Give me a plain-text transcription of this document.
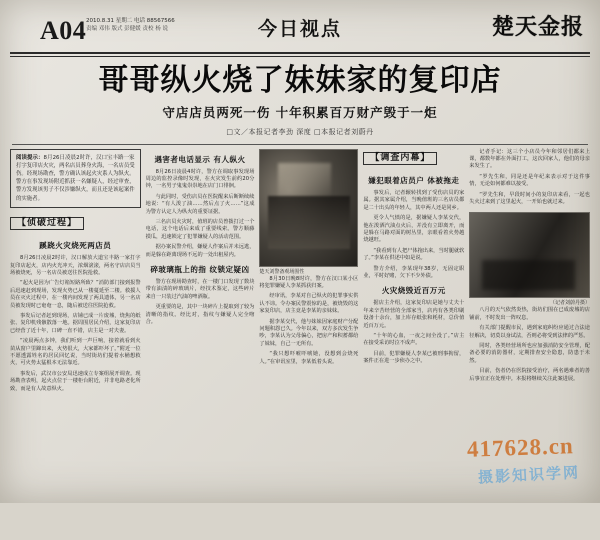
A04 2010.8.31 星期二 电话 88567566
责编 邓伟 版式 彭健媛 责校 杨 说	今日视点	楚天金报
哥哥纵火烧了妹妹家的复印店
守店店员两死一伤 十年积累百万财产毁于一炬
□文／本报记者李劲 深度 □本报记者刘蔚丹
阅读提示：8月26日凌晨2时许，汉口宝丰路一家打字复印店火灾，两名店员葬身火海，一名店员受伤。经现场勘查，警方确认该起火灾系人为纵火。警方在事发现场附近抓获一名嫌疑人，经过审查，警方发现该男子不仅涉嫌纵火，而且还是该起案件的实施者。
【侦破过程】
蹊跷火灾烧死两店员

8月26日凌晨2时许，汉口解放大道宝丰路一家打字复印店起火，店内火光冲天，浓烟滚滚，两名守店店员当场被烧死，另一名店员被送往医院抢救。

“起火是因为广告灯箱短路所致？”消防部门接到报警后迅速赶到现场，发现火势已从一楼蔓延至二楼。救援人员在灭火过程中，在一楼内间发现了两具遗体，另一名店员被发现时已奄奄一息，随后被送往医院抢救。

事发后记者赶到现场，店铺已成一片废墟，烧焦的纸张、复印机残骸散落一地。据周围居民介绍，这家复印店已经营了近十年，口碑一直不错，店主是一对夫妻。

“凌晨两点多钟，我们听到一声巨响，接着就看到火苗从窗户里蹿出来，火势很大，大家都吓坏了。”附近一位不愿透露姓名的居民回忆说，当时街坊们提着水桶想救火，可火势太猛根本无法靠近。

事发后，武汉市公安局迅速成立专案组展开调查。现场勘查表明，起火点位于一楼柜台附近，并非电路老化所致，而是有人故意纵火。

遇害者电话显示 有人纵火

8月26日凌晨4时许，警方在调取事发现场周边的监控录像时发现，在火灾发生前约20分钟，一名男子鬼鬼祟祟地在店门口徘徊。

与此同时，受伤店员在医院醒来后断断续续地说：“有人泼了油……然后点了火……”这成为警方认定人为纵火的重要证据。

三名店员火灾时，值班的店员曾拨打过一个电话，这个电话后来成了重要线索。警方顺藤摸瓜，迅速锁定了犯罪嫌疑人的活动范围。

据办案民警介绍，嫌疑人作案后并未远逃，而是躲在距离现场不远的一处出租屋内。

碎玻璃瓶上的指 纹锁定疑凶

警方在现场勘查时，在一楼门口发现了数块带有油渍的碎玻璃片，经技术鉴定，这些碎片来自一只装过汽油的啤酒瓶。

更重要的是，其中一块碎片上提取到了较为清晰的指纹。经比对，指纹与嫌疑人完全吻合。

楚天刘警备观场围性

8月30日晚8时许，警方在汉口某小区将犯罪嫌疑人李某抓获归案。

经审讯，李某对自己纵火的犯罪事实供认不讳。令办案民警震惊的是，被烧毁的这家复印店，店主竟是李某的亲妹妹。

据李某交代，他与妹妹因家庭财产分配问题积怨已久。今年以来，双方多次发生争吵，李某认为父母偏心，把房产和积蓄都给了妹妹，自己一无所有。

“我只想吓唬吓唬她，没想到会烧死人。”在审讯室里，李某低着头说。

【调查内幕】
嫌犯眼着店员户 体被拖走

事发后，记者辗转找到了受伤店员的家属。据其家属介绍，当晚值班的三名店员都是二十出头的年轻人，其中两人还是同乡。

更令人气愤的是，据嫌疑人李某交代，他在泼洒汽油点火后，并没有立即离开，而是躲在马路对面的树丛里，亲眼看着火势越烧越旺。

“我看到有人把尸体拖出来，当时腿就软了。”李某在供述中如是说。

警方介绍，李某现年38岁，无固定职业，平时好赌，欠下不少外债。

火灾烧毁近百万元

据店主介绍，这家复印店是她与丈夫十年来辛苦经营的全部家当，店内有各类印刷设备十余台，加上库存纸张和耗材，总价值近百万元。

“十年的心血，一夜之间全没了。”店主在接受采访时泣不成声。

目前，犯罪嫌疑人李某已被刑事拘留，案件正在进一步侦办之中。

记者手记：这三个小店员今年和邻居们都来上课，都数年都在外面打工，这次回家人，他们的母亲来发生了。

“罗先生和，同是还是年纪来表示对于这件事情，无论如何都难以接受。

“罗先生和，早段时间小的复印店来看，一起也失火过来到了这里起火，一开始也就过来。

（记者刘蔚丹摄）

八月的天气依然炎热，街坊们围在已成废墟的店铺前，不时发出一阵叹息。

有关部门提醒市民，遇到家庭纠纷应通过合法途径解决，切莫以身试法，否则必将受到法律的严惩。

同时，各类经营场所也应加强消防安全管理，配备必要的消防器材，定期排查安全隐患，防患于未然。

目前，伤者仍在医院接受治疗，两名遇难者的善后事宜正在处理中。本报将继续关注此案进展。

417628.cn
摄影知识学网
